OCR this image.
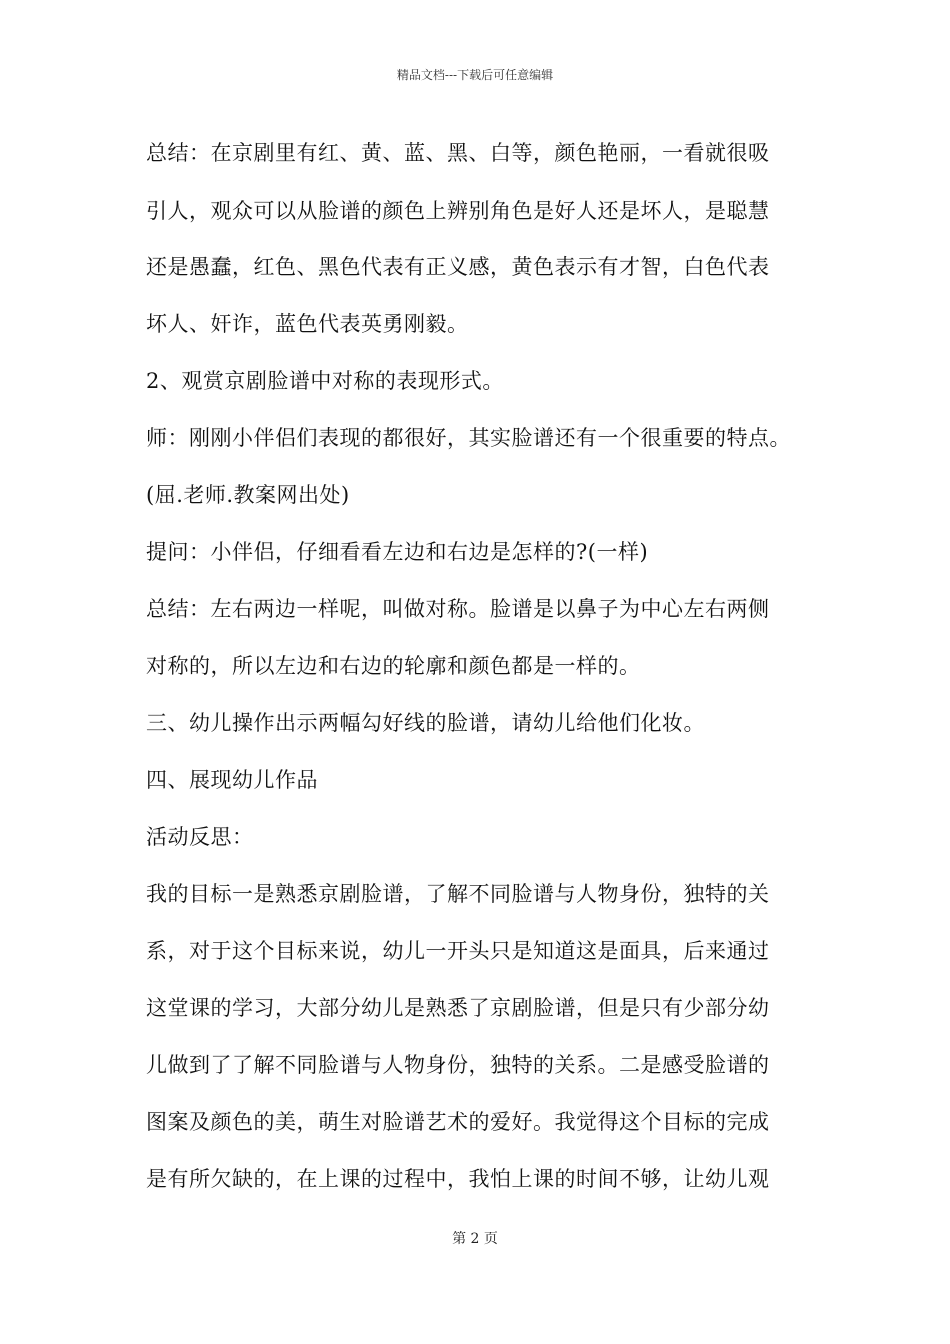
精品文档---下载后可任意编辑
总结：在京剧里有红、黄、蓝、黑、白等，颜色艳丽，一看就很吸
引人，观众可以从脸谱的颜色上辨别角色是好人还是坏人，是聪慧
还是愚蠢，红色、黑色代表有正义感，黄色表示有才智，白色代表
坏人、奸诈，蓝色代表英勇刚毅。
2、观赏京剧脸谱中对称的表现形式。
师：刚刚小伴侣们表现的都很好，其实脸谱还有一个很重要的特点。
(屈.老师.教案网出处)
提问：小伴侣，仔细看看左边和右边是怎样的?(一样)
总结：左右两边一样呢，叫做对称。脸谱是以鼻子为中心左右两侧
对称的，所以左边和右边的轮廓和颜色都是一样的。
三、幼儿操作出示两幅勾好线的脸谱，请幼儿给他们化妆。
四、展现幼儿作品
活动反思：
我的目标一是熟悉京剧脸谱，了解不同脸谱与人物身份，独特的关
系，对于这个目标来说，幼儿一开头只是知道这是面具，后来通过
这堂课的学习，大部分幼儿是熟悉了京剧脸谱，但是只有少部分幼
儿做到了了解不同脸谱与人物身份，独特的关系。二是感受脸谱的
图案及颜色的美，萌生对脸谱艺术的爱好。我觉得这个目标的完成
是有所欠缺的，在上课的过程中，我怕上课的时间不够，让幼儿观
第 2 页
